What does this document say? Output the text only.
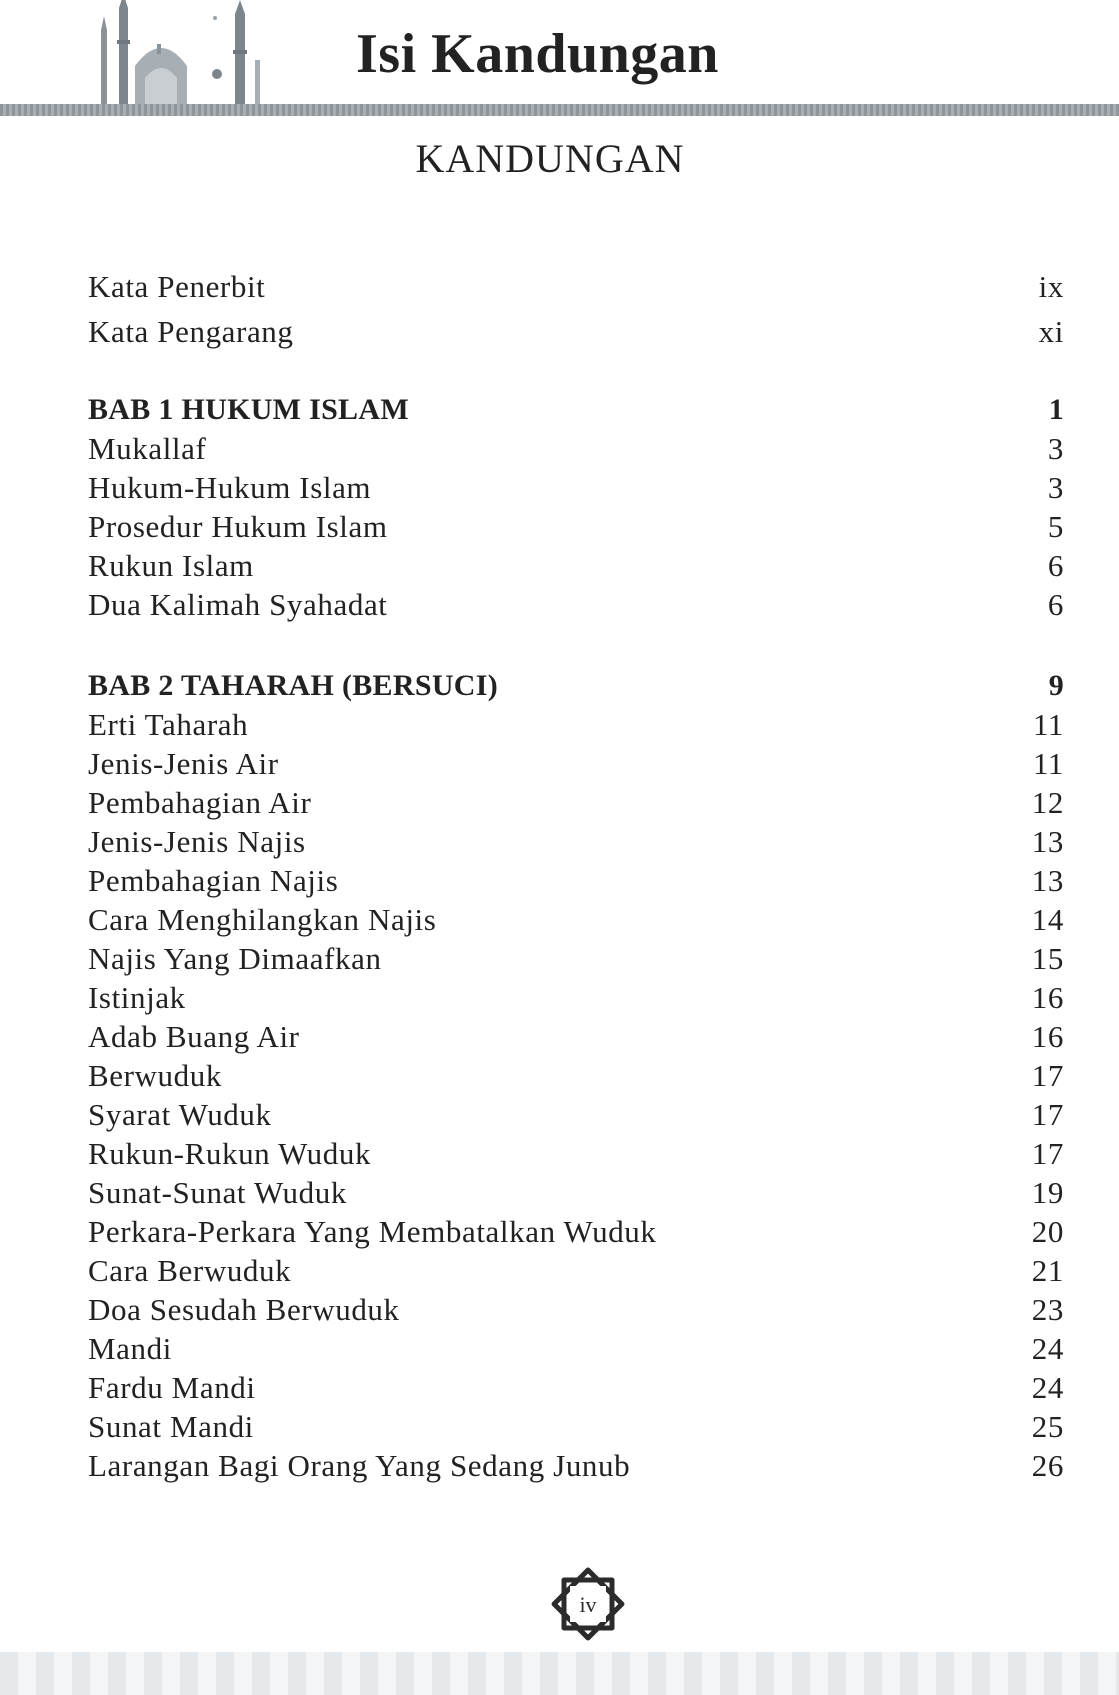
Isi Kandungan
KANDUNGAN
Kata Penerbit	ix
Kata Pengarang	xi
BAB 1 HUKUM ISLAM	1
Mukallaf	3
Hukum-Hukum Islam	3
Prosedur Hukum Islam	5
Rukun Islam	6
Dua Kalimah Syahadat	6
BAB 2 TAHARAH (BERSUCI)	9
Erti Taharah	11
Jenis-Jenis Air	11
Pembahagian Air	12
Jenis-Jenis Najis	13
Pembahagian Najis	13
Cara Menghilangkan Najis	14
Najis Yang Dimaafkan	15
Istinjak	16
Adab Buang Air	16
Berwuduk	17
Syarat Wuduk	17
Rukun-Rukun Wuduk	17
Sunat-Sunat Wuduk	19
Perkara-Perkara Yang Membatalkan Wuduk	20
Cara Berwuduk	21
Doa Sesudah Berwuduk	23
Mandi	24
Fardu Mandi	24
Sunat Mandi	25
Larangan Bagi Orang Yang Sedang Junub	26
iv
